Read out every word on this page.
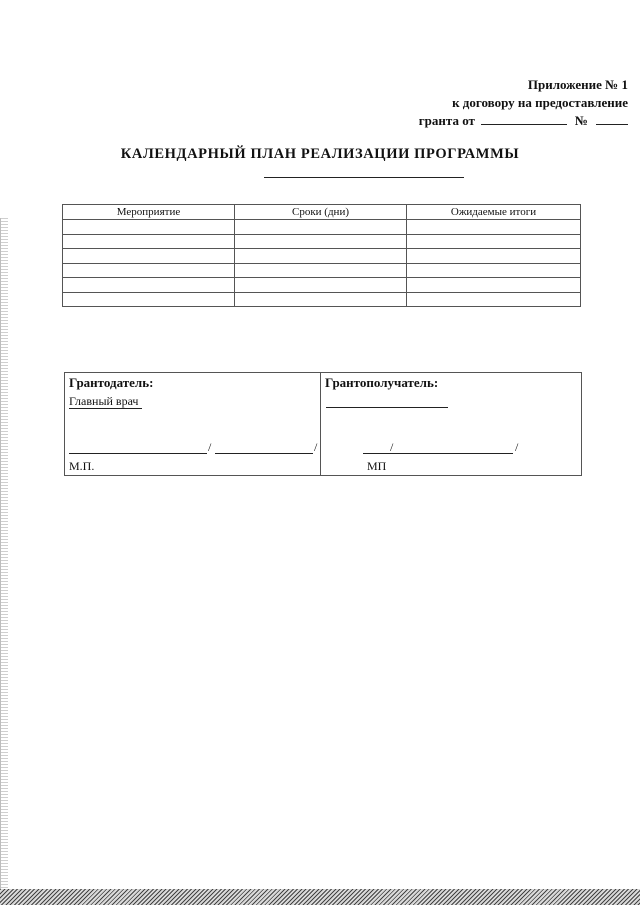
Приложение № 1
к договору на предоставление
гранта от	№
КАЛЕНДАРНЫЙ ПЛАН РЕАЛИЗАЦИИ ПРОГРАММЫ
Мероприятие	Сроки (дни)	Ожидаемые итоги

Грантодатель:
Главный врач
/	/
М.П.
Грантополучатель:
/	/
МП
